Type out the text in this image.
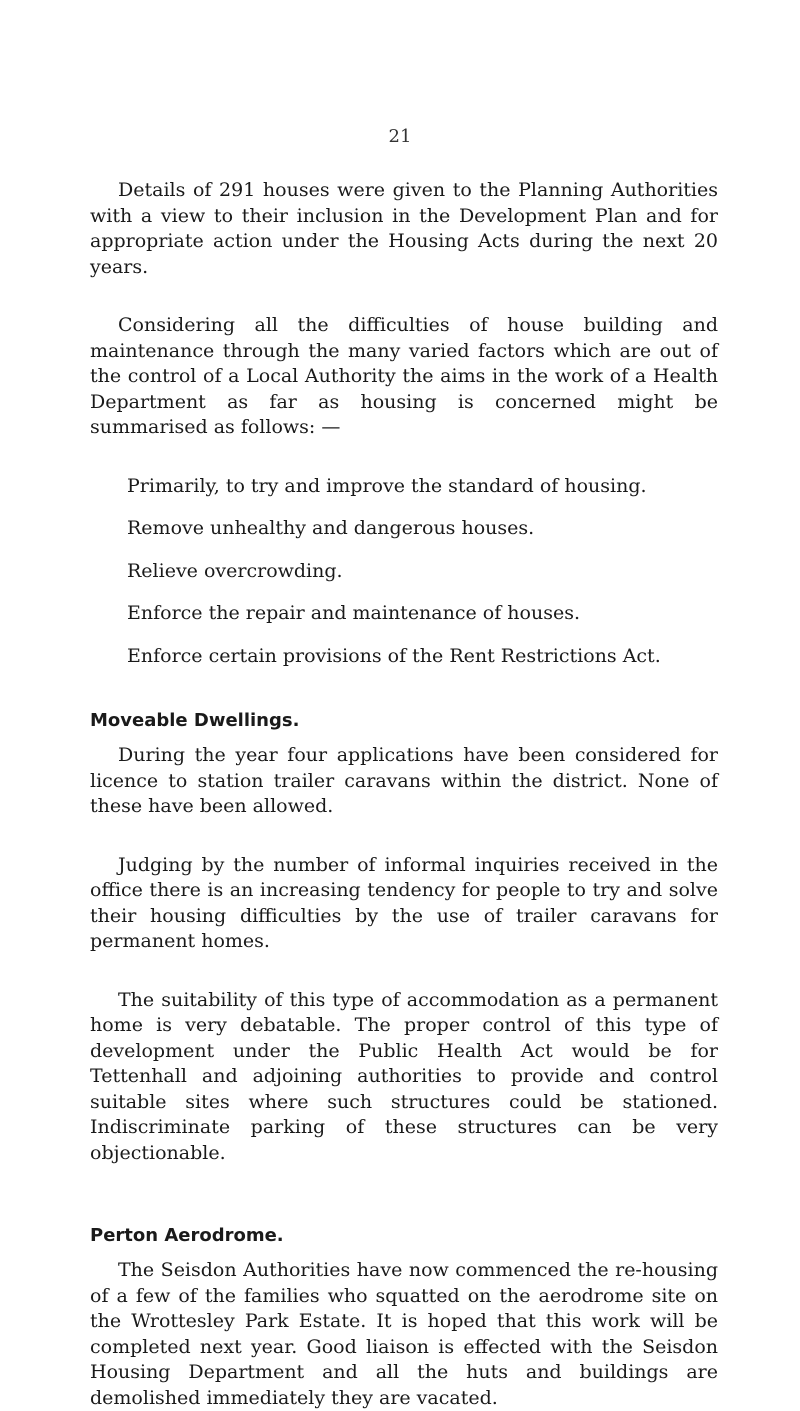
21

Details of 291 houses were given to the Planning Authorities with a view to their inclusion in the Development Plan and for appropriate action under the Housing Acts during the next 20 years.

Considering all the difficulties of house building and maintenance through the many varied factors which are out of the control of a Local Authority the aims in the work of a Health Department as far as housing is concerned might be summarised as follows: —

Primarily, to try and improve the standard of housing.
Remove unhealthy and dangerous houses.
Relieve overcrowding.
Enforce the repair and maintenance of houses.
Enforce certain provisions of the Rent Restrictions Act.
Moveable Dwellings.

During the year four applications have been considered for licence to station trailer caravans within the district. None of these have been allowed.

Judging by the number of informal inquiries received in the office there is an increasing tendency for people to try and solve their housing difficulties by the use of trailer caravans for permanent homes.

The suitability of this type of accommodation as a permanent home is very debatable. The proper control of this type of development under the Public Health Act would be for Tettenhall and adjoining authorities to provide and control suitable sites where such structures could be stationed. Indiscriminate parking of these structures can be very objectionable.

Perton Aerodrome.

The Seisdon Authorities have now commenced the re-housing of a few of the families who squatted on the aerodrome site on the Wrottesley Park Estate. It is hoped that this work will be completed next year. Good liaison is effected with the Seisdon Housing Department and all the huts and buildings are demolished immediately they are vacated.
